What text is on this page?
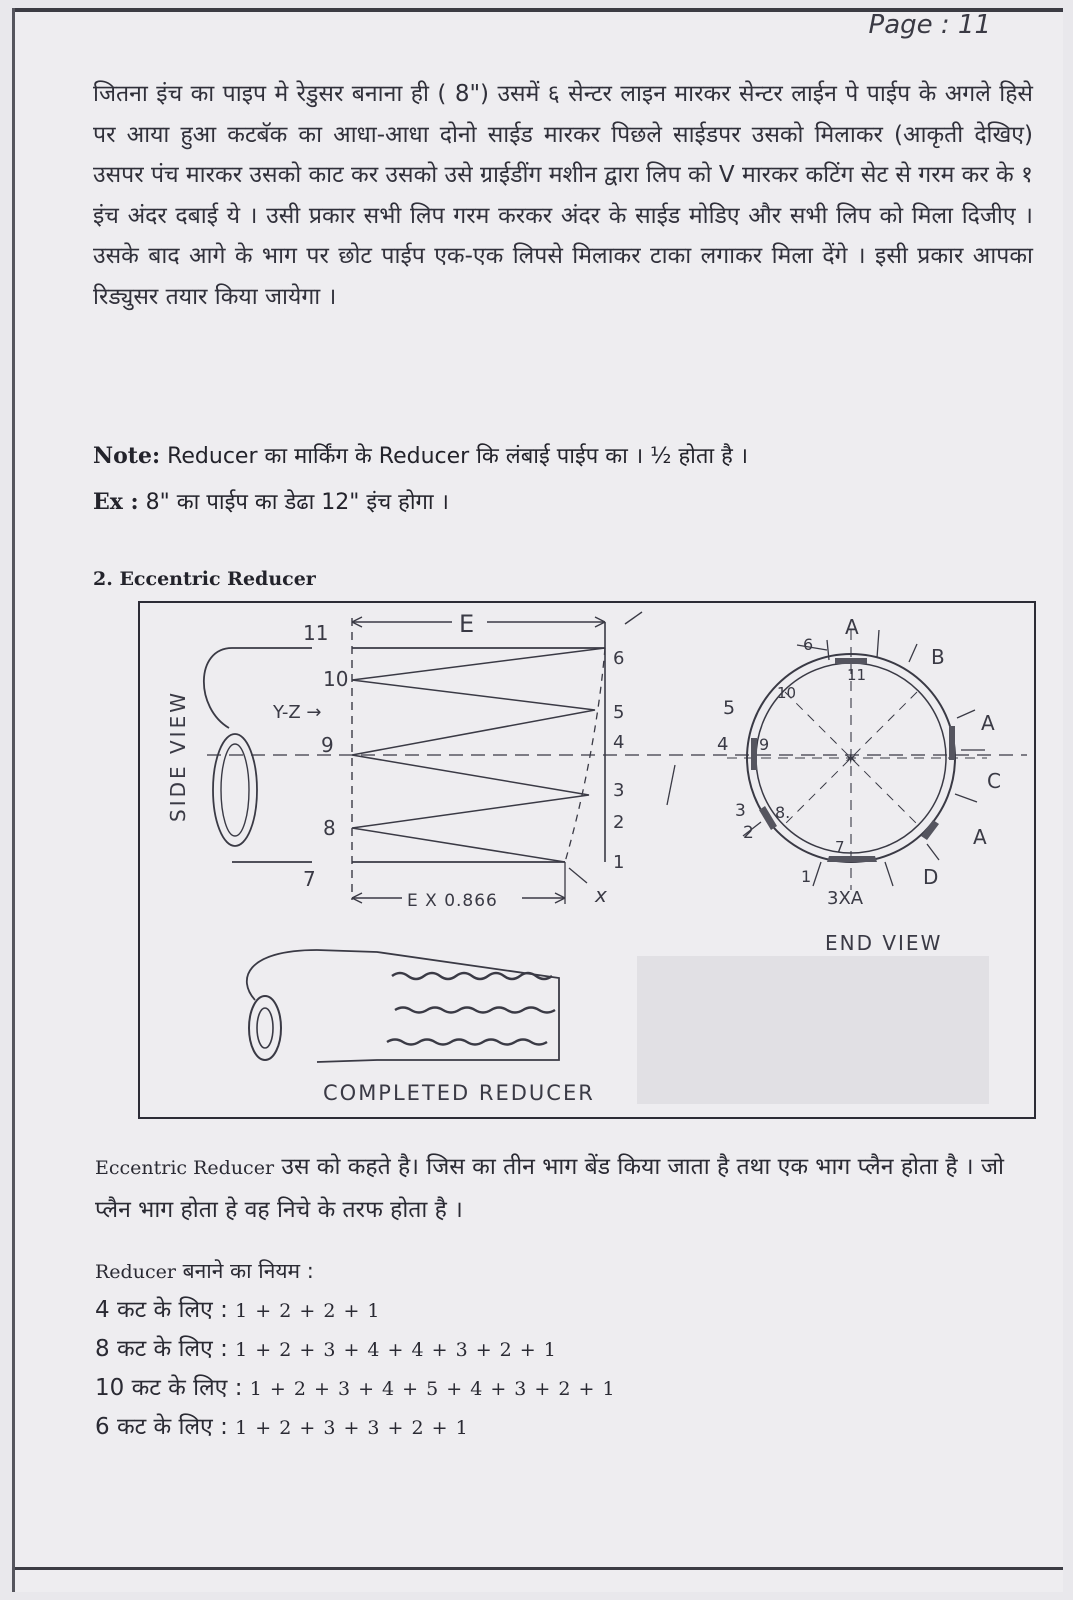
Page : 11

जितना इंच का पाइप मे रेडुसर बनाना ही ( 8") उसमें ६ सेन्टर लाइन मारकर सेन्टर लाईन पे पाईप के अगले हिसे पर आया हुआ कटबॅक का आधा-आधा दोनो साईड मारकर पिछले साईडपर उसको मिलाकर (आकृती देखिए) उसपर पंच मारकर उसको काट कर उसको उसे ग्राईडींग मशीन द्वारा लिप को V मारकर कटिंग सेट से गरम कर के १ इंच अंदर दबाई ये । उसी प्रकार सभी लिप गरम करकर अंदर के साईड मोडिए और सभी लिप को मिला दिजीए । उसके बाद आगे के भाग पर छोट पाईप एक-एक लिपसे मिलाकर टाका लगाकर मिला देंगे । इसी प्रकार आपका रिड्युसर तयार किया जायेगा ।

Note: Reducer का मार्किंग के Reducer कि लंबाई पाईप का । ½ होता है ।
Ex : 8" का पाईप का डेढा 12" इंच होगा ।
2. Eccentric Reducer
SIDE VIEW
E
11
10
Y-Z →
9
8
7
6
5
4
3
2
1
E X 0.866	x
✶
A
B
A
C
A
D
3XA
6
11
10
5
4 9
3 8.
2
7
1
END VIEW
COMPLETED REDUCER

Eccentric Reducer उस को कहते है। जिस का तीन भाग बेंड किया जाता है तथा एक भाग प्लैन होता है । जो प्लैन भाग होता हे वह निचे के तरफ होता है ।

Reducer बनाने का नियम :
4 कट के लिए : 1 + 2 + 2 + 1
8 कट के लिए : 1 + 2 + 3 + 4 + 4 + 3 + 2 + 1
10 कट के लिए : 1 + 2 + 3 + 4 + 5 + 4 + 3 + 2 + 1
6 कट के लिए : 1 + 2 + 3 + 3 + 2 + 1
